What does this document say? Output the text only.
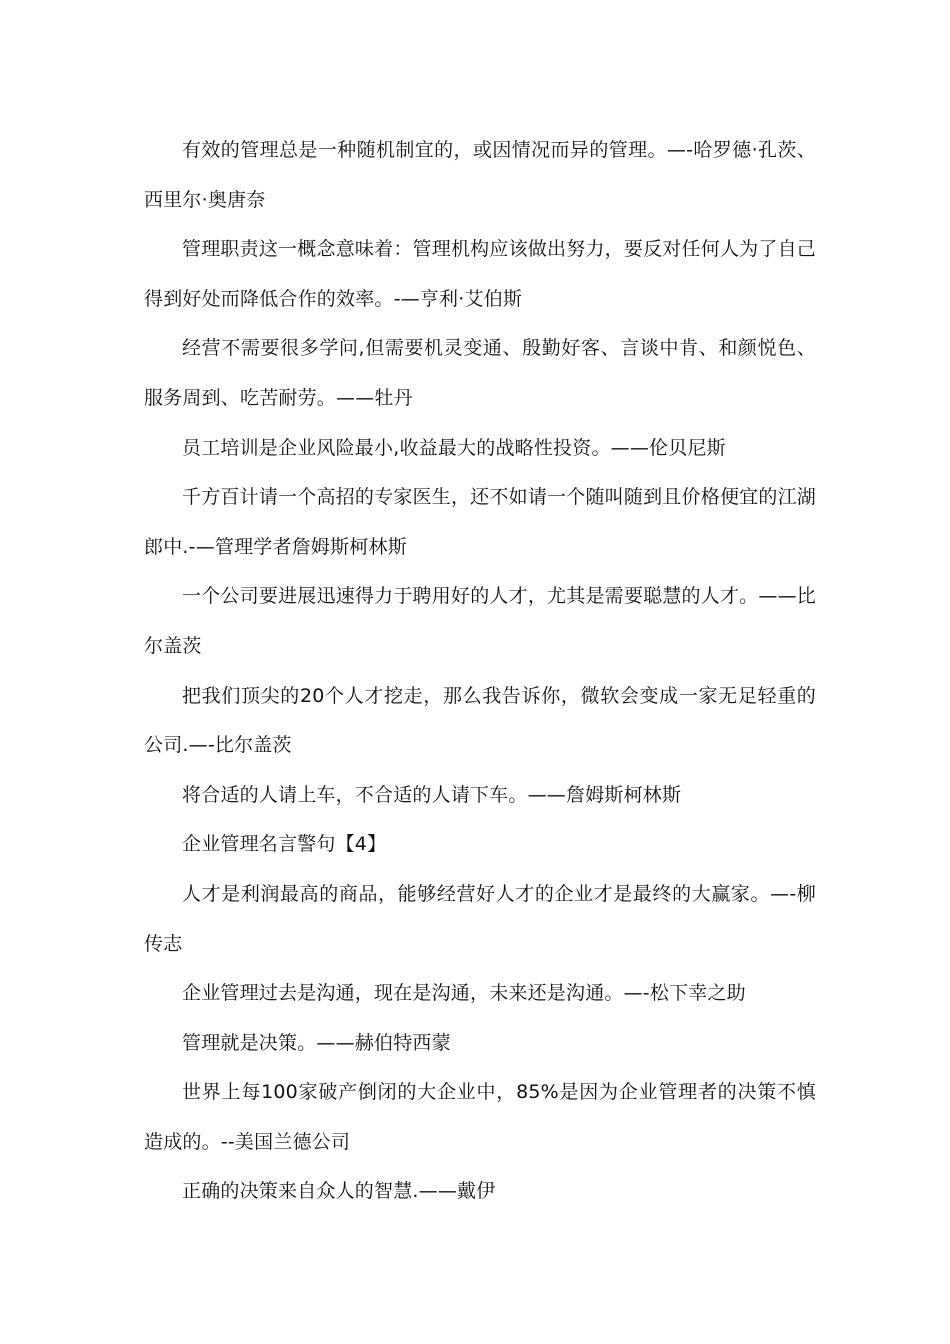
有效的管理总是一种随机制宜的，或因情况而异的管理。—-哈罗德·孔茨、西里尔·奥唐奈

管理职责这一概念意味着：管理机构应该做出努力，要反对任何人为了自己得到好处而降低合作的效率。-—亨利·艾伯斯

经营不需要很多学问,但需要机灵变通、殷勤好客、言谈中肯、和颜悦色、服务周到、吃苦耐劳。——牡丹

员工培训是企业风险最小,收益最大的战略性投资。——伦贝尼斯

千方百计请一个高招的专家医生，还不如请一个随叫随到且价格便宜的江湖郎中.-—管理学者詹姆斯柯林斯

一个公司要进展迅速得力于聘用好的人才，尤其是需要聪慧的人才。——比尔盖茨

把我们顶尖的20个人才挖走，那么我告诉你，微软会变成一家无足轻重的公司.—-比尔盖茨

将合适的人请上车，不合适的人请下车。——詹姆斯柯林斯

企业管理名言警句【4】

人才是利润最高的商品，能够经营好人才的企业才是最终的大赢家。—-柳传志

企业管理过去是沟通，现在是沟通，未来还是沟通。—-松下幸之助

管理就是决策。——赫伯特西蒙

世界上每100家破产倒闭的大企业中，85%是因为企业管理者的决策不慎造成的。--美国兰德公司

正确的决策来自众人的智慧.——戴伊
